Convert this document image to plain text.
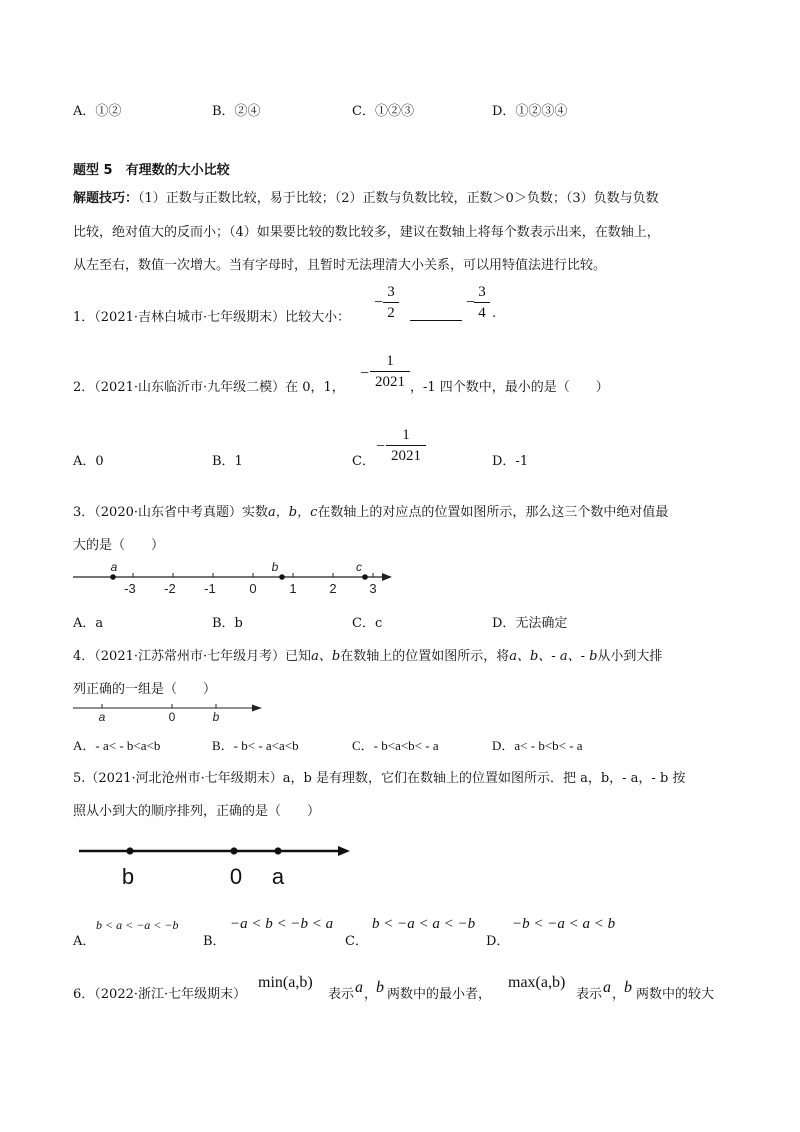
A．①②	B．②④	C．①②③	D．①②③④
题型 5　有理数的大小比较
解题技巧：（1）正数与正数比较，易于比较；（2）正数与负数比较，正数＞0＞负数；（3）负数与负数
比较，绝对值大的反而小；（4）如果要比较的数比较多，建议在数轴上将每个数表示出来，在数轴上，
从左至右，数值一次增大。当有字母时，且暂时无法理清大小关系，可以用特值法进行比较。
1．（2021·吉林白城市·七年级期末）比较大小：
−
3
2
−
3
4 .
2．（2021·山东临沂市·九年级二模）在 0，1，
−
1
2021 ，-1 四个数中，最小的是（　　）
A．0	B．1	C．
−
1
2021	D．-1
3．（2020·山东省中考真题）实数a，b，c在数轴上的对应点的位置如图所示，那么这三个数中绝对值最
大的是（　　）
-3 -2 -1	0	1	2	3
a	b	c
A．a	B．b	C．c	D．无法确定
4．（2021·江苏常州市·七年级月考）已知a、b在数轴上的位置如图所示，将a、b、- a、- b从小到大排
列正确的一组是（　　）
a	0	b
A．- a< - b<a<b	B．- b< - a<a<b	C．- b<a<b< - a	D．a< - b<b< - a
5.（2021·河北沧州市·七年级期末）a，b 是有理数，它们在数轴上的位置如图所示．把 a，b，- a，- b 按
照从小到大的顺序排列，正确的是（　　）
b	0 a
A．
b < a < −a < −b
B．
−a < b < −b < a
C．
b < −a < a < −b
D．
−b < −a < a < b
6．（2022·浙江·七年级期末）
min(a,b)
表示 a ，
b 两数中的最小者，
max(a,b)
表示 a ，
b 两数中的较大
